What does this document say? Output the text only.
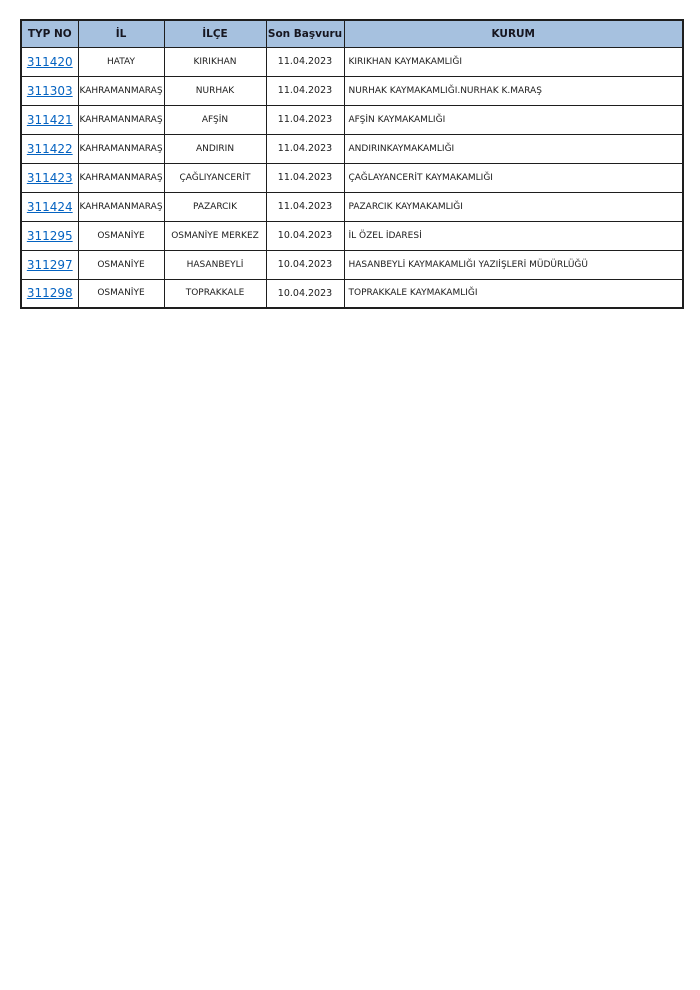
TYP NO	İL	İLÇE	Son Başvuru	KURUM
311420	HATAY	KIRIKHAN	11.04.2023	KIRIKHAN KAYMAKAMLIĞI
311303	KAHRAMANMARAŞ	NURHAK	11.04.2023	NURHAK KAYMAKAMLIĞI.NURHAK K.MARAŞ
311421	KAHRAMANMARAŞ	AFŞİN	11.04.2023	AFŞİN KAYMAKAMLIĞI
311422	KAHRAMANMARAŞ	ANDIRIN	11.04.2023	ANDIRINKAYMAKAMLIĞI
311423	KAHRAMANMARAŞ	ÇAĞLIYANCERİT	11.04.2023	ÇAĞLAYANCERİT KAYMAKAMLIĞI
311424	KAHRAMANMARAŞ	PAZARCIK	11.04.2023	PAZARCIK KAYMAKAMLIĞI
311295	OSMANİYE	OSMANİYE MERKEZ	10.04.2023	İL ÖZEL İDARESİ
311297	OSMANİYE	HASANBEYLİ	10.04.2023	HASANBEYLİ KAYMAKAMLIĞI YAZIİŞLERİ MÜDÜRLÜĞÜ
311298	OSMANİYE	TOPRAKKALE	10.04.2023	TOPRAKKALE KAYMAKAMLIĞI
